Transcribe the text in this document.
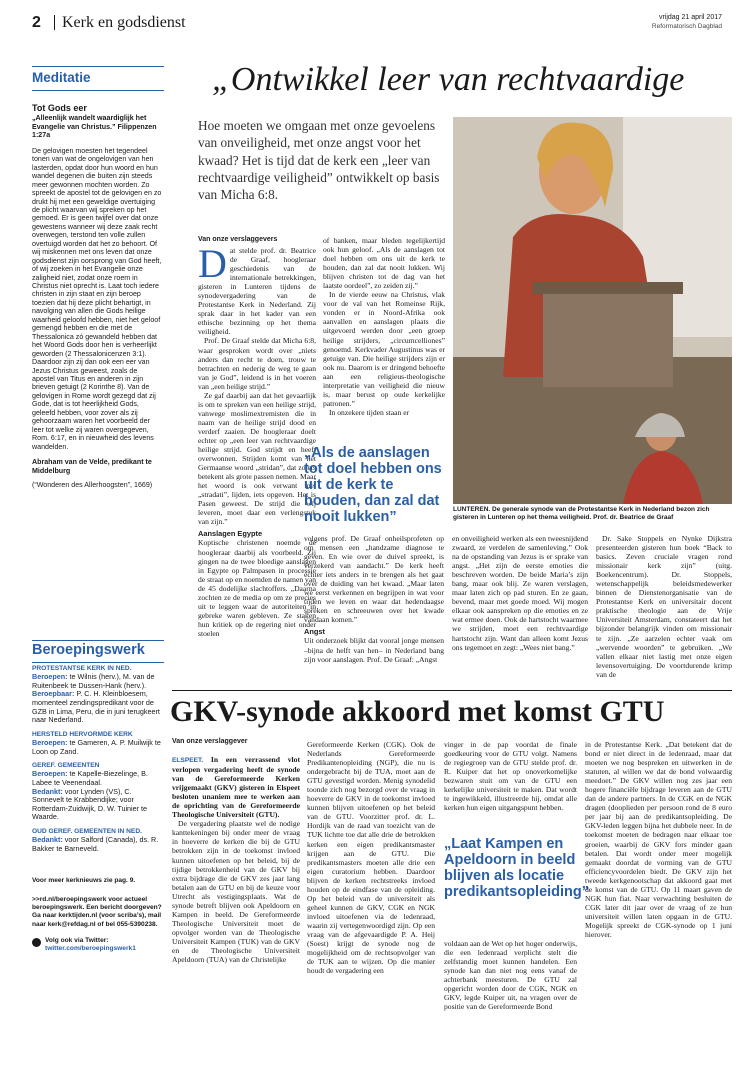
2 Kerk en godsdienst	vrijdag 21 april 2017
Reformatorisch Dagblad
Meditatie
Tot Gods eer
„Alleenlijk wandelt waardiglijk het Evangelie van Christus.” Filippenzen 1:27a
De gelovigen moesten het tegendeel tonen van wat de ongelovigen van hen lasterden, opdat door hun woord en hun wandel degenen die buiten zijn steeds meer gewonnen mochten worden. Zo spreekt de apostel tot de gelovigen en zo drukt hij met een geweldige overtuiging de plicht waarvan wij spreken op het gemoed. Er is geen twijfel over dat onze gewestens wanneer wij deze zaak recht overwegen, terstond ten volle zullen overtuigd worden dat het zo behoort. Of wij miskennen met ons leven dat onze godsdienst zijn oorsprong van God heeft, of wij zoeken in het Evangelie onze zaligheid niet, zodat onze roem in Christus niet oprecht is. Laat toch iedere christen in zijn staat en zijn beroep toezien dat hij deze plicht behartigt, in navolging van allen die Gods heilige waarheid geloofd hebben, niet het geloof gemengd hebben en die met de Thessalonica zó gewandeld hebben dat het Woord Gods door hen is verheerlijkt geworden (2 Thessalonicenzen 3:1). Daardoor zijn zij dan ook een eer van Jezus Christus geweest, zoals de apostel van Titus en anderen in zijn brieven getuigt (2 Korinthe 8). Van de gelovigen in Rome wordt gezegd dat zij Gode, dat is tot heerlijkheid Gods, geleefd hebben, voor zover als zij gehoorzaam waren het voorbeeld der leer tot welke zij waren overgegeven, Rom. 6:17, en in nieuwheid des levens wandelden.
Abraham van de Velde, predikant te Middelburg
(“Wonderen des Allerhoogsten”, 1669)
Beroepingswerk
PROTESTANTSE KERK IN NED.
Beroepen: te Wilnis (herv.), M. van de Ruitenbeek te Dussen-Hank (herv.).
Beroepbaar: P. C. H. Kleinbloesem, momenteel zendingspredikant voor de GZB in Lima, Peru, die in juni terugkeert naar Nederland.
HERSTELD HERVORMDE KERK
Beroepen: te Gameren, A. P. Muilwijk te Loon op Zand.
GEREF. GEMEENTEN
Beroepen: te Kapelle-Biezelinge, B. Labee te Veenendaal.
Bedankt: voor Lynden (VS), C. Sonnevelt te Krabbendijke; voor Rotterdam-Zuidwijk, D. W. Tuinier te Waarde.
OUD GEREF. GEMEENTEN IN NED.
Bedankt: voor Salford (Canada), ds. R. Bakker te Barneveld.
Voor meer kerknieuws zie pag. 9.
>>rd.nl/beroepingswerk voor actueel beroepingswerk. Een bericht doorgeven? Ga naar kerktijden.nl (voor scriba’s), mail naar kerk@refdag.nl of bel 055-5390238.
Volg ook via Twitter:
twitter.com/beroepingswerk1
„Ontwikkel leer van rechtvaardige
Hoe moeten we omgaan met onze gevoelens van onveiligheid, met onze angst voor het kwaad? Het is tijd dat de kerk een „leer van rechtvaardige veiligheid” ontwikkelt op basis van Micha 6:8.
LUNTEREN. De generale synode van de Protestantse Kerk in Nederland bezon zich gisteren in Lunteren op het thema veiligheid. Prof. dr. Beatrice de Graaf
Van onze verslaggevers
D at stelde prof. dr. Beatrice de Graaf, hoogleraar geschiedenis van de internationale betrekkingen, gisteren in Lunteren tijdens de synodevergadering van de Protestantse Kerk in Nederland. Zij sprak daar in het kader van een ethische bezinning op het thema veiligheid.

Prof. De Graaf stelde dat Micha 6:8, waar gesproken wordt over „niets anders dan recht te doen, trouw te betrachten en nederig de weg te gaan van je God”, leidend is in het voeren van „een heilige strijd.”

Ze gaf daarbij aan dat het gevaarlijk is om te spreken van een heilige strijd, vanwege moslimextremisten die in naam van de heilige strijd dood en verderf zaaien. De hoogleraar doelt echter op „een leer van rechtvaardige heilige strijd. God strijdt en heeft overwonnen. Strijden komt van het Germaanse woord „stridan”, dat zoiets betekent als grote passen nemen. Maar het woord is ook verwant met „stradati”, lijden, iets opgeven. Het is Pasen geweest. De strijd die wij leveren, moet daar een verlengstuk van zijn.”

Aanslagen Egypte

Koptische christenen noemde de hoogleraar daarbij als voorbeeld. Zij gingen na de twee bloedige aanslagen in Egypte op Palmpasen in processie de straat op en noemden de namen van de 45 dodelijke slachtoffers. „Daarna zochten ze de media op om ze precies uit te leggen waar de autoriteiten in gebreke waren gebleven. Ze staken hun kritiek op de regering niet onder stoelen

of banken, maar bleden tegelijkertijd ook hun geloof. „Als de aanslagen tot doel hebben om ons uit de kerk te houden, dan zal dat nooit lukken. Wij blijven christen tot de dag van het laatste oordeel”, zo zeiden zij.”

In de vierde eeuw na Christus, vlak voor de val van het Romeinse Rijk, vonden er in Noord-Afrika ook aanvallen en aanslagen plaats die uitgevoerd werden door „een groep heilige strijders, „circumcelliones” genoemd. Kerkvader Augustinus was er getuige van. Die heilige strijders zijn er ook nu. Daarom is er dringend behoefte aan een religieus-theologische interpretatie van veiligheid die nieuw is, maar berust op oude kerkelijke patronen.”

In onzekere tijden staan er

„Als de aanslagen tot doel hebben ons uit de kerk te houden, dan zal dat nooit lukken”

volgens prof. De Graaf onheilsprofeten op om mensen een „handzame diagnose te geven. En wie over de duivel spreekt, is verzekerd van aandacht.” De kerk heeft echter iets anders in te brengen als het gaat over de duiding van het kwaad. „Maar laten we eerst verkennen en begrijpen in wat voor tijden we leven en waar dat hedendaagse spreken en schreeuwen over het kwade vandaan komen.”

Angst

Uit onderzoek blijkt dat vooral jonge mensen –bijna de helft van hen– in Nederland bang zijn voor aanslagen. Prof. De Graaf: „Angst

en onveiligheid werken als een tweesnijdend zwaard, ze verdelen de samenleving.” Ook na de opstanding van Jezus is er sprake van angst. „Het zijn de eerste emoties die beschreven worden. De beide Maria’s zijn bang, maar ook blij. Ze waren verslagen, maar laten zich op pad sturen. En ze gaan, bevend, maar met goede moed. Wij mogen elkaar ook aanspreken op die emoties en ze wat ermee doen. Ook de hartstocht waarmee we strijden, moet een rechtvaardige hartstocht zijn. Want dan alleen komt Jezus ons tegemoet en zegt: „Wees niet bang.”

Dr. Sake Stoppels en Nynke Dijkstra presenteerden gisteren hun boek “Back to basics. Zeven cruciale vragen rond missionair kerk zijn” (uitg. Boekencentrum). Dr. Stoppels, wetenschappelijk beleidsmedewerker binnen de Dienstenorganisatie van de Protestantse Kerk en universitair docent praktische theologie aan de Vrije Universiteit Amsterdam, constateert dat het bijzonder belangrijk vinden om missionair te zijn. „Ze aarzelen echter vaak om „wervende woorden” te gebruiken. „We vallen elkaar niet lastig met onze eigen levensovertuiging. De voortdurende krimp van de

GKV-synode akkoord met komst GTU
Van onze verslaggever

ELSPEET. In een verrassend vlot verlopen vergadering heeft de synode van de Gereformeerde Kerken vrijgemaakt (GKV) gisteren in Elspeet besloten unaniem mee te werken aan de oprichting van de Gereformeerde Theologische Universiteit (GTU).

De vergadering plaatste wel de nodige kanttekeningen bij onder meer de vraag in hoeverre de kerken die bij de GTU betrokken zijn in de toekomst invloed kunnen uitoefenen op het beleid, bij de tijdige betrokkenheid van de GKV bij extra bijdrage die de GKV zes jaar lang betalen aan de GTU en bij de keuze voor Utrecht als vestigingsplaats. Wat de synode betreft blijven ook Apeldoorn en Kampen in beeld. De Gereformeerde Theologische Universiteit moet de opvolger worden van de Theologische Universiteit Kampen (TUK) van de GKV en de Theologische Universiteit Apeldoorn (TUA) van de Christelijke

Gereformeerde Kerken (CGK). Ook de Nederlands Gereformeerde Predikantenopleiding (NGP), die nu is ondergebracht bij de TUA, moet aan de GTU gevestigd worden. Menig synodelid toonde zich nog bezorgd over de vraag in hoeverre de GKV in de toekomst invloed kunnen blijven uitoefenen op het beleid van de GTU. Voorzitter prof. dr. L. Hordijk van de raad van toezicht van de TUK lichtte toe dat alle drie de betrokken kerken een eigen predikantsmaster krijgen aan de GTU. Die predikantsmasters moeten alle drie een eigen curatorium hebben. Daardoor blijven de kerken rechtstreeks invloed houden op de eindfase van de opleiding. Op het beleid van de universiteit als geheel kunnen de GKV, CGK en NGK invloed uitoefenen via de ledenraad, waarin zij vertegenwoordigd zijn. Op een vraag van de afgevaardigde P. A. Heij (Soest) krijgt de synode nog de mogelijkheid om de rechtsopvolger van de TUK aan te wijzen. Op die manier houdt de vergadering een

vinger in de pap voordat de finale goedkeuring voor de GTU volgt. Namens de regiegroep van de GTU stelde prof. dr. R. Kuiper dat het op onoverkomelijke bezwaren stuit om van de GTU een kerkelijke universiteit te maken. Dat wordt te ingewikkeld, illustreerde hij, omdat alle kerken hun eigen uitgangspunt hebben.

„Laat Kampen en Apeldoorn in beeld blijven als locatie predikantsopleiding”

voldaan aan de Wet op het hoger onderwijs, die een ledenraad verplicht stelt die zelfstandig moet kunnen handelen. Een synode kan dan niet nog eens vanaf de achterbank meesturen. De GTU zal opgericht worden door de CGK, NGK en GKV, legde Kuiper uit, na vragen over de positie van de Gereformeerde Bond

in de Protestantse Kerk. „Dat betekent dat de bond er niet direct in de ledenraad, maar dat moeten we nog bespreken en uitwerken in de statuten, al willen we dat de bond volwaardig meedoet.” De GKV willen nog zes jaar een hogere financiële bijdrage leveren aan de GTU dan de andere partners. In de CGK en de NGK dragen (dooplieden per persoon rond de 8 euro per jaar bij aan de predikantsopleiding. De GKV-leden leggen bijna het dubbele neer. In de toekomst moeten de bedragen naar elkaar toe groeien, waarbij de GKV fors minder gaan betalen. Dat wordt onder meer mogelijk gemaakt doordat de vorming van de GTU efficiencyvoordelen biedt. De GKV zijn het tweede kerkgenootschap dat akkoord gaat met de komst van de GTU. Op 11 maart gaven de NGK hun fiat. Naar verwachting besluiten de CGK later dit jaar over de vraag of ze hun universiteit willen laten opgaan in de GTU. Mogelijk spreekt de CGK-synode op 1 juni hierover.
